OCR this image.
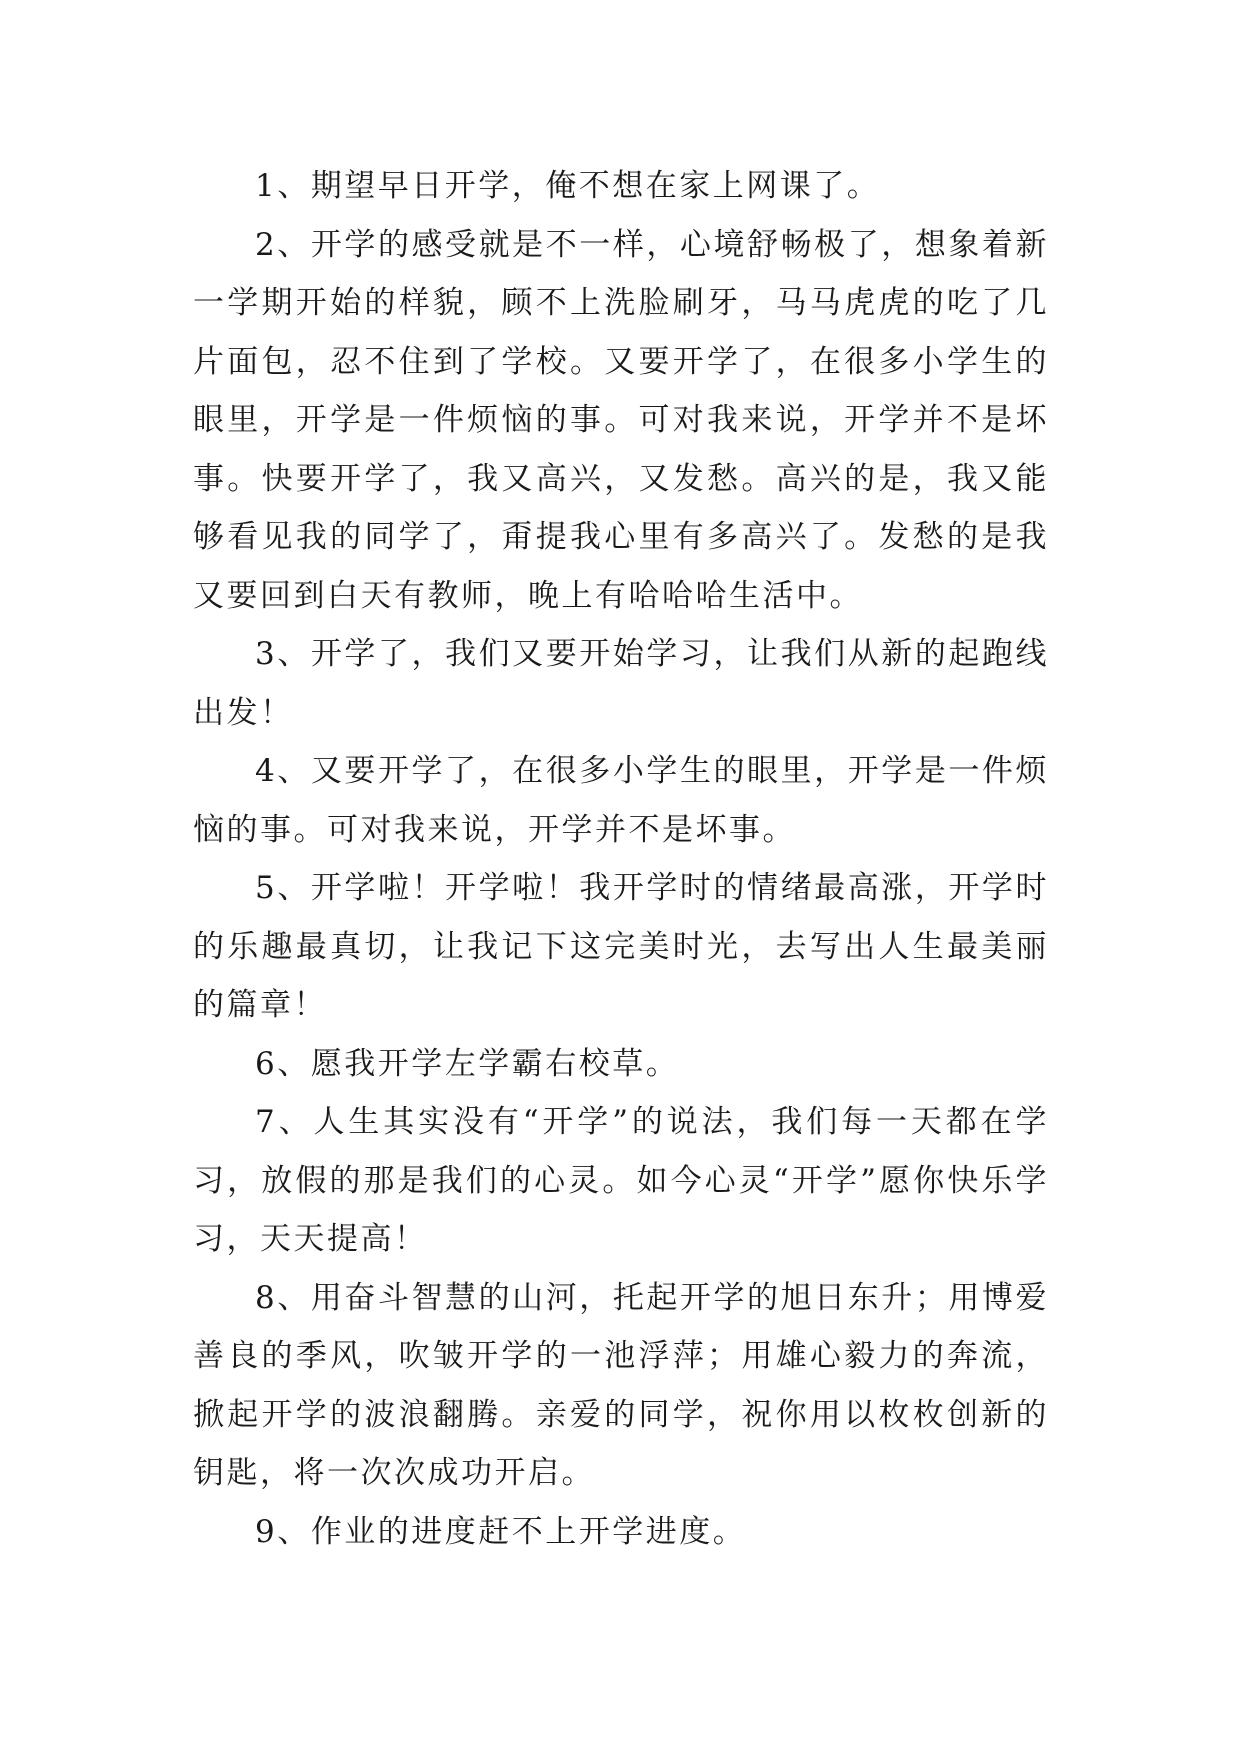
1、期望早日开学，俺不想在家上网课了。

2、开学的感受就是不一样，心境舒畅极了，想象着新一学期开始的样貌，顾不上洗脸刷牙，马马虎虎的吃了几片面包，忍不住到了学校。又要开学了，在很多小学生的眼里，开学是一件烦恼的事。可对我来说，开学并不是坏事。快要开学了，我又高兴，又发愁。高兴的是，我又能够看见我的同学了，甭提我心里有多高兴了。发愁的是我又要回到白天有教师，晚上有哈哈哈生活中。

3、开学了，我们又要开始学习，让我们从新的起跑线出发！

4、又要开学了，在很多小学生的眼里，开学是一件烦恼的事。可对我来说，开学并不是坏事。

5、开学啦！开学啦！我开学时的情绪最高涨，开学时的乐趣最真切，让我记下这完美时光，去写出人生最美丽的篇章！

6、愿我开学左学霸右校草。

7、人生其实没有“开学”的说法，我们每一天都在学习，放假的那是我们的心灵。如今心灵“开学”愿你快乐学习，天天提高！

8、用奋斗智慧的山河，托起开学的旭日东升；用博爱善良的季风，吹皱开学的一池浮萍；用雄心毅力的奔流，掀起开学的波浪翻腾。亲爱的同学，祝你用以枚枚创新的钥匙，将一次次成功开启。

9、作业的进度赶不上开学进度。
